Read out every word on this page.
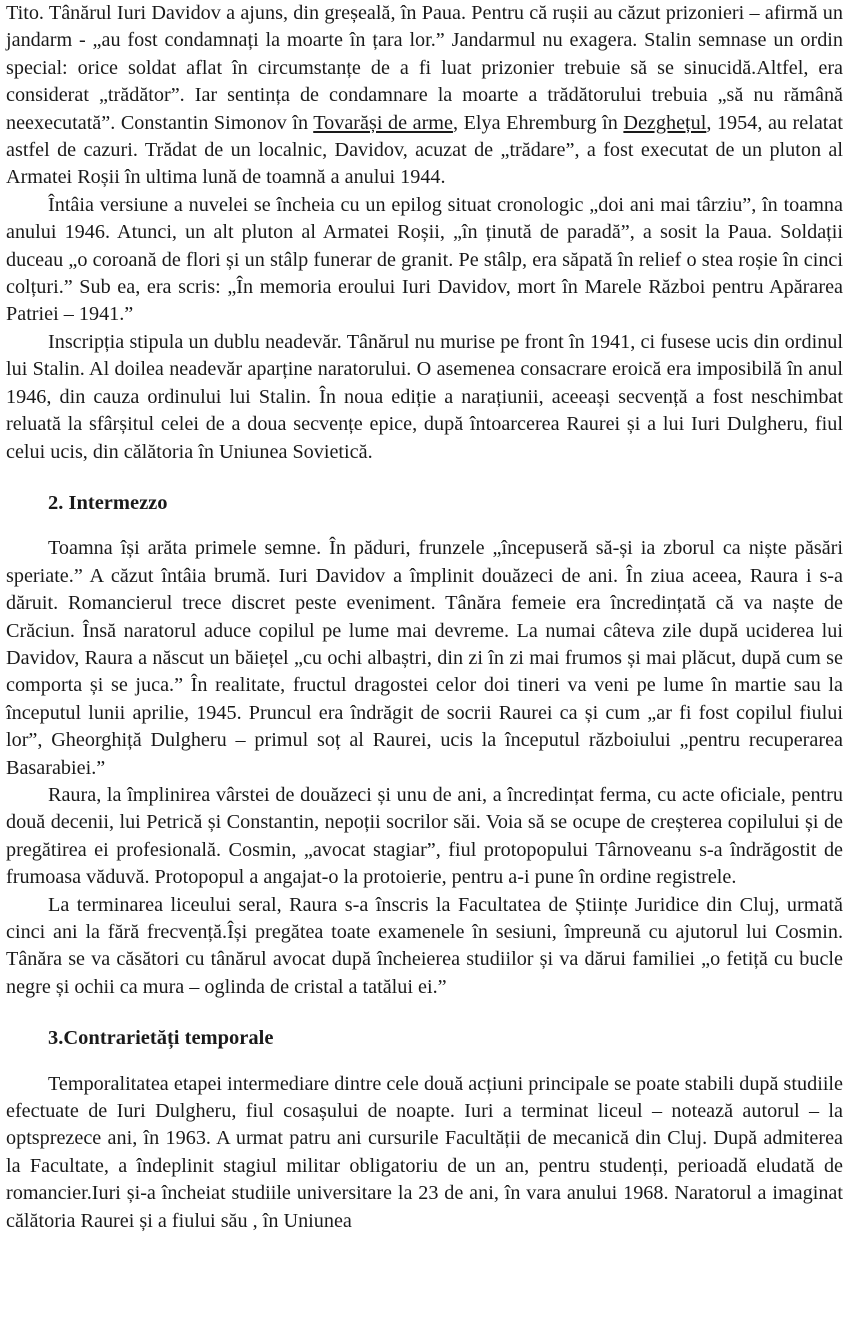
Tito. Tânărul Iuri Davidov a ajuns, din greșeală, în Paua. Pentru că rușii au căzut prizonieri – afirmă un jandarm - „au fost condamnați la moarte în țara lor.” Jandarmul nu exagera. Stalin semnase un ordin special: orice soldat aflat în circumstanțe de a fi luat prizonier trebuie să se sinucidă.Altfel, era considerat „trădător”. Iar sentința de condamnare la moarte a trădătorului trebuia „să nu rămână neexecutată”. Constantin Simonov în Tovarăși de arme, Elya Ehremburg în Dezghețul, 1954, au relatat astfel de cazuri. Trădat de un localnic, Davidov, acuzat de „trădare”, a fost executat de un pluton al Armatei Roșii în ultima lună de toamnă a anului 1944.

Întâia versiune a nuvelei se încheia cu un epilog situat cronologic „doi ani mai târziu”, în toamna anului 1946. Atunci, un alt pluton al Armatei Roșii, „în ținută de paradă”, a sosit la Paua. Soldații duceau „o coroană de flori și un stâlp funerar de granit. Pe stâlp, era săpată în relief o stea roșie în cinci colțuri.” Sub ea, era scris: „În memoria eroului Iuri Davidov, mort în Marele Război pentru Apărarea Patriei – 1941.”

Inscripția stipula un dublu neadevăr. Tânărul nu murise pe front în 1941, ci fusese ucis din ordinul lui Stalin. Al doilea neadevăr aparține naratorului. O asemenea consacrare eroică era imposibilă în anul 1946, din cauza ordinului lui Stalin. În noua ediție a narațiunii, aceeași secvență a fost neschimbat reluată la sfârșitul celei de a doua secvențe epice, după întoarcerea Raurei și a lui Iuri Dulgheru, fiul celui ucis, din călătoria în Uniunea Sovietică.

2. Intermezzo

Toamna își arăta primele semne. În păduri, frunzele „începuseră să-și ia zborul ca niște păsări speriate.” A căzut întâia brumă. Iuri Davidov a împlinit douăzeci de ani. În ziua aceea, Raura i s-a dăruit. Romancierul trece discret peste eveniment. Tânăra femeie era încredințată că va naște de Crăciun. Însă naratorul aduce copilul pe lume mai devreme. La numai câteva zile după uciderea lui Davidov, Raura a născut un băiețel „cu ochi albaștri, din zi în zi mai frumos și mai plăcut, după cum se comporta și se juca.” În realitate, fructul dragostei celor doi tineri va veni pe lume în martie sau la începutul lunii aprilie, 1945. Pruncul era îndrăgit de socrii Raurei ca și cum „ar fi fost copilul fiului lor”, Gheorghiță Dulgheru – primul soț al Raurei, ucis la începutul războiului „pentru recuperarea Basarabiei.”

Raura, la împlinirea vârstei de douăzeci și unu de ani, a încredințat ferma, cu acte oficiale, pentru două decenii, lui Petrică și Constantin, nepoții socrilor săi. Voia să se ocupe de creșterea copilului și de pregătirea ei profesională. Cosmin, „avocat stagiar”, fiul protopopului Târnoveanu s-a îndrăgostit de frumoasa văduvă. Protopopul a angajat-o la protoierie, pentru a-i pune în ordine registrele.

La terminarea liceului seral, Raura s-a înscris la Facultatea de Științe Juridice din Cluj, urmată cinci ani la fără frecvență.Își pregătea toate examenele în sesiuni, împreună cu ajutorul lui Cosmin. Tânăra se va căsători cu tânărul avocat după încheierea studiilor și va dărui familiei „o fetiță cu bucle negre și ochii ca mura – oglinda de cristal a tatălui ei.”

3.Contrarietăți temporale

Temporalitatea etapei intermediare dintre cele două acțiuni principale se poate stabili după studiile efectuate de Iuri Dulgheru, fiul cosașului de noapte. Iuri a terminat liceul – notează autorul – la optsprezece ani, în 1963. A urmat patru ani cursurile Facultății de mecanică din Cluj. După admiterea la Facultate, a îndeplinit stagiul militar obligatoriu de un an, pentru studenți, perioadă eludată de romancier.Iuri și-a încheiat studiile universitare la 23 de ani, în vara anului 1968. Naratorul a imaginat călătoria Raurei și a fiului său , în Uniunea
